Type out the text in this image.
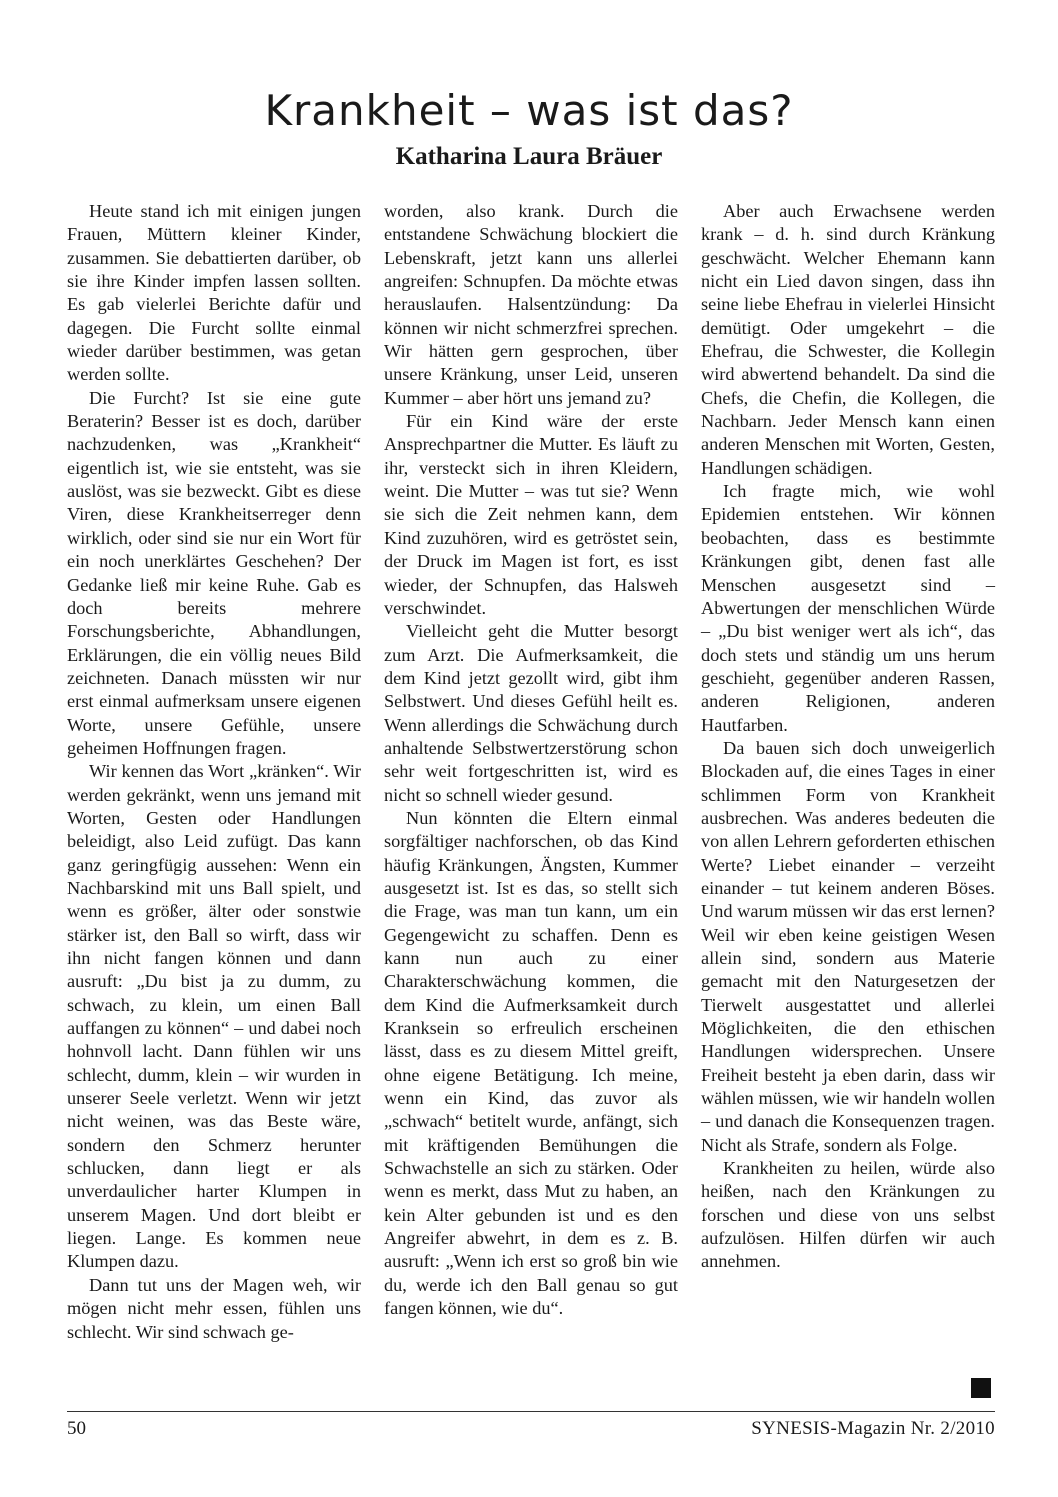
Krankheit – was ist das?
Katharina Laura Bräuer

Heute stand ich mit einigen jungen Frauen, Müttern kleiner Kinder, zusammen. Sie debattierten darüber, ob sie ihre Kinder impfen lassen sollten. Es gab vielerlei Berichte dafür und dagegen. Die Furcht sollte einmal wieder darüber bestimmen, was getan werden sollte.

Die Furcht? Ist sie eine gute Beraterin? Besser ist es doch, darüber nachzudenken, was „Krankheit“ eigentlich ist, wie sie entsteht, was sie auslöst, was sie bezweckt. Gibt es diese Viren, diese Krankheitserreger denn wirklich, oder sind sie nur ein Wort für ein noch unerklärtes Geschehen? Der Gedanke ließ mir keine Ruhe. Gab es doch bereits mehrere Forschungsberichte, Abhandlungen, Erklärungen, die ein völlig neues Bild zeichneten. Danach müssten wir nur erst einmal aufmerksam unsere eigenen Worte, unsere Gefühle, unsere geheimen Hoffnungen fragen.

Wir kennen das Wort „kränken“. Wir werden gekränkt, wenn uns jemand mit Worten, Gesten oder Handlungen beleidigt, also Leid zufügt. Das kann ganz geringfügig aussehen: Wenn ein Nachbarskind mit uns Ball spielt, und wenn es größer, älter oder sonstwie stärker ist, den Ball so wirft, dass wir ihn nicht fangen können und dann ausruft: „Du bist ja zu dumm, zu schwach, zu klein, um einen Ball auffangen zu können“ – und dabei noch hohnvoll lacht. Dann fühlen wir uns schlecht, dumm, klein – wir wurden in unserer Seele verletzt. Wenn wir jetzt nicht weinen, was das Beste wäre, sondern den Schmerz herunter schlucken, dann liegt er als unverdaulicher harter Klumpen in unserem Magen. Und dort bleibt er liegen. Lange. Es kommen neue Klumpen dazu.

Dann tut uns der Magen weh, wir mögen nicht mehr essen, fühlen uns schlecht. Wir sind schwach ge-

worden, also krank. Durch die entstandene Schwächung blockiert die Lebenskraft, jetzt kann uns allerlei angreifen: Schnupfen. Da möchte etwas herauslaufen. Halsentzündung: Da können wir nicht schmerzfrei sprechen. Wir hätten gern gesprochen, über unsere Kränkung, unser Leid, unseren Kummer – aber hört uns jemand zu?

Für ein Kind wäre der erste Ansprechpartner die Mutter. Es läuft zu ihr, versteckt sich in ihren Kleidern, weint. Die Mutter – was tut sie? Wenn sie sich die Zeit nehmen kann, dem Kind zuzuhören, wird es getröstet sein, der Druck im Magen ist fort, es isst wieder, der Schnupfen, das Halsweh verschwindet.

Vielleicht geht die Mutter besorgt zum Arzt. Die Aufmerksamkeit, die dem Kind jetzt gezollt wird, gibt ihm Selbstwert. Und dieses Gefühl heilt es. Wenn allerdings die Schwächung durch anhaltende Selbstwertzerstörung schon sehr weit fortgeschritten ist, wird es nicht so schnell wieder gesund.

Nun könnten die Eltern einmal sorgfältiger nachforschen, ob das Kind häufig Kränkungen, Ängsten, Kummer ausgesetzt ist. Ist es das, so stellt sich die Frage, was man tun kann, um ein Gegengewicht zu schaffen. Denn es kann nun auch zu einer Charakterschwächung kommen, die dem Kind die Aufmerksamkeit durch Kranksein so erfreulich erscheinen lässt, dass es zu diesem Mittel greift, ohne eigene Betätigung. Ich meine, wenn ein Kind, das zuvor als „schwach“ betitelt wurde, anfängt, sich mit kräftigenden Bemühungen die Schwachstelle an sich zu stärken. Oder wenn es merkt, dass Mut zu haben, an kein Alter gebunden ist und es den Angreifer abwehrt, in dem es z. B. ausruft: „Wenn ich erst so groß bin wie du, werde ich den Ball genau so gut fangen können, wie du“.

Aber auch Erwachsene werden krank – d. h. sind durch Kränkung geschwächt. Welcher Ehemann kann nicht ein Lied davon singen, dass ihn seine liebe Ehefrau in vielerlei Hinsicht demütigt. Oder umgekehrt – die Ehefrau, die Schwester, die Kollegin wird abwertend behandelt. Da sind die Chefs, die Chefin, die Kollegen, die Nachbarn. Jeder Mensch kann einen anderen Menschen mit Worten, Gesten, Handlungen schädigen.

Ich fragte mich, wie wohl Epidemien entstehen. Wir können beobachten, dass es bestimmte Kränkungen gibt, denen fast alle Menschen ausgesetzt sind – Abwertungen der menschlichen Würde – „Du bist weniger wert als ich“, das doch stets und ständig um uns herum geschieht, gegenüber anderen Rassen, anderen Religionen, anderen Hautfarben.

Da bauen sich doch unweigerlich Blockaden auf, die eines Tages in einer schlimmen Form von Krankheit ausbrechen. Was anderes bedeuten die von allen Lehrern geforderten ethischen Werte? Liebet einander – verzeiht einander – tut keinem anderen Böses. Und warum müssen wir das erst lernen? Weil wir eben keine geistigen Wesen allein sind, sondern aus Materie gemacht mit den Naturgesetzen der Tierwelt ausgestattet und allerlei Möglichkeiten, die den ethischen Handlungen widersprechen. Unsere Freiheit besteht ja eben darin, dass wir wählen müssen, wie wir handeln wollen – und danach die Konsequenzen tragen. Nicht als Strafe, sondern als Folge.

Krankheiten zu heilen, würde also heißen, nach den Kränkungen zu forschen und diese von uns selbst aufzulösen. Hilfen dürfen wir auch annehmen.

50	SYNESIS-Magazin Nr. 2/2010
